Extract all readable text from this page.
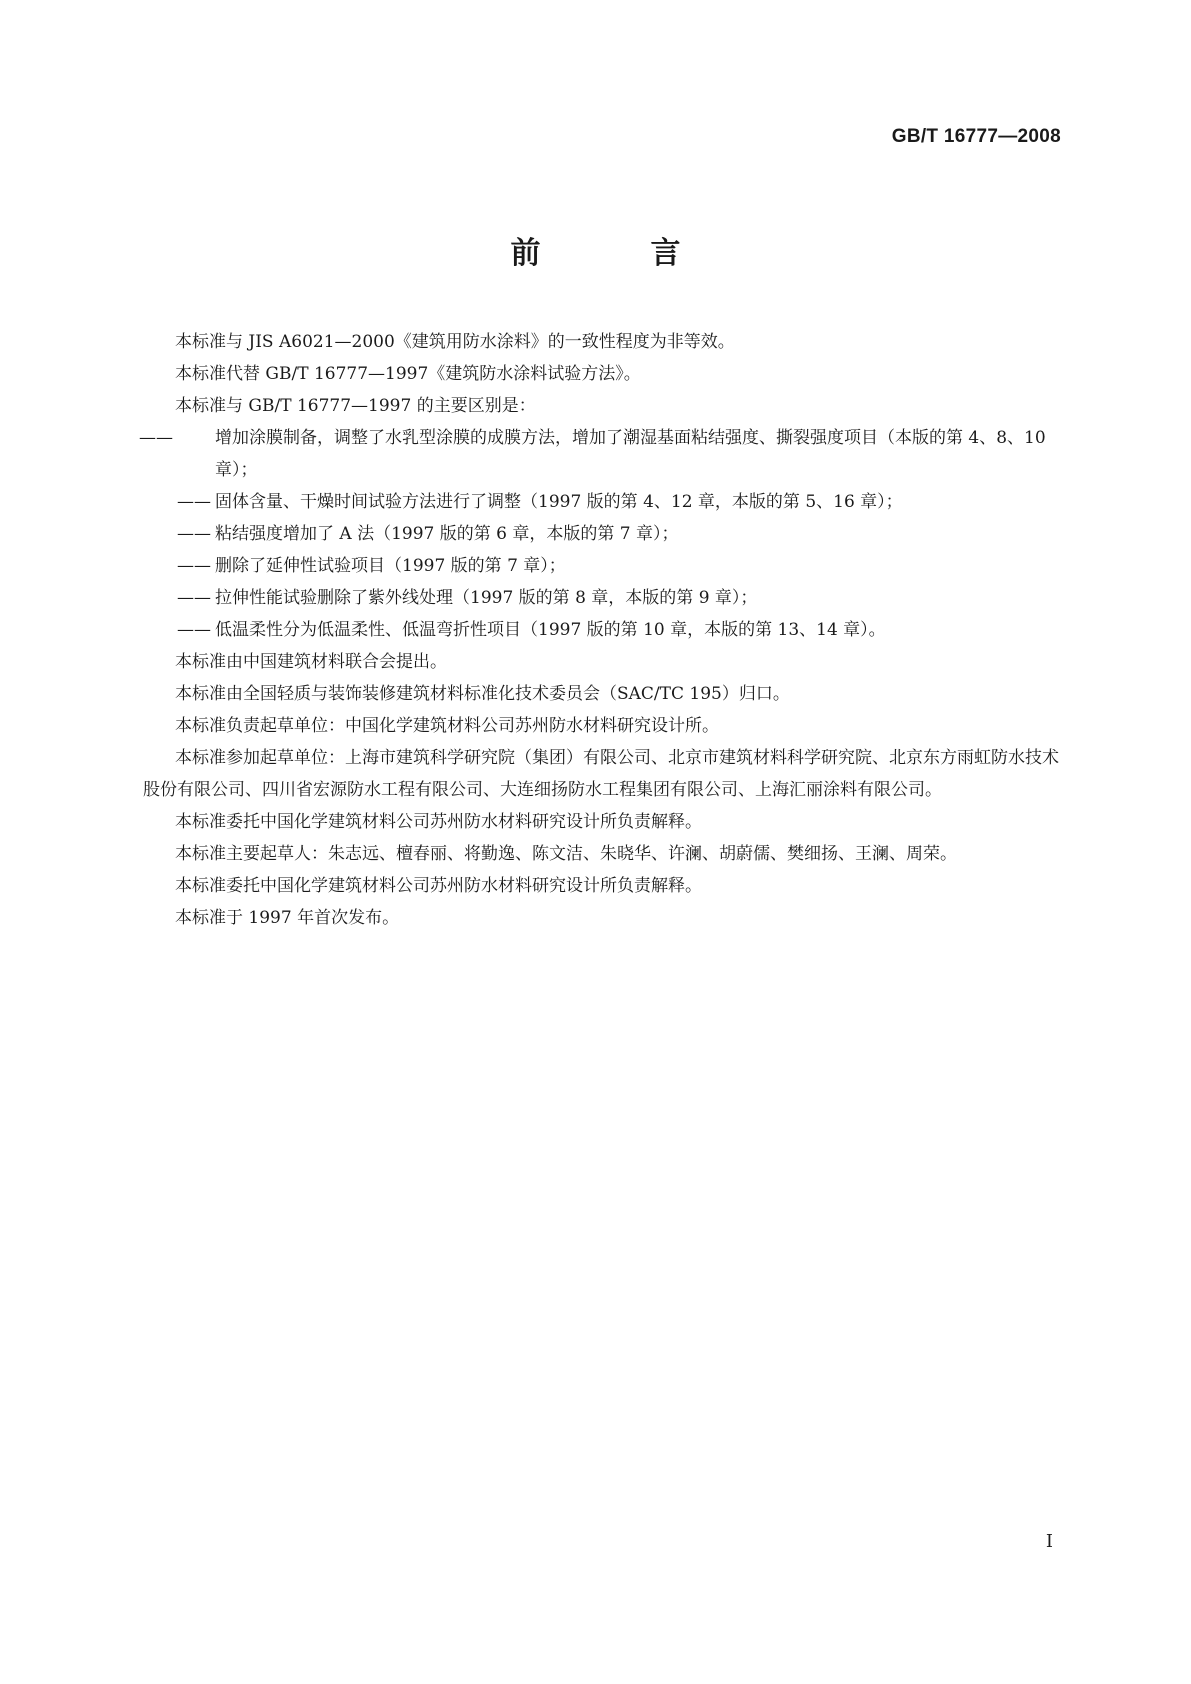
GB/T 16777—2008
前　言

本标准与 JIS A6021—2000《建筑用防水涂料》的一致性程度为非等效。

本标准代替 GB/T 16777—1997《建筑防水涂料试验方法》。

本标准与 GB/T 16777—1997 的主要区别是：

—— 增加涂膜制备，调整了水乳型涂膜的成膜方法，增加了潮湿基面粘结强度、撕裂强度项目（本版的第 4、8、10 章）；

—— 固体含量、干燥时间试验方法进行了调整（1997 版的第 4、12 章，本版的第 5、16 章）；

—— 粘结强度增加了 A 法（1997 版的第 6 章，本版的第 7 章）；

—— 删除了延伸性试验项目（1997 版的第 7 章）；

—— 拉伸性能试验删除了紫外线处理（1997 版的第 8 章，本版的第 9 章）；

—— 低温柔性分为低温柔性、低温弯折性项目（1997 版的第 10 章，本版的第 13、14 章）。

本标准由中国建筑材料联合会提出。

本标准由全国轻质与装饰装修建筑材料标准化技术委员会（SAC/TC 195）归口。

本标准负责起草单位：中国化学建筑材料公司苏州防水材料研究设计所。

本标准参加起草单位：上海市建筑科学研究院（集团）有限公司、北京市建筑材料科学研究院、北京东方雨虹防水技术股份有限公司、四川省宏源防水工程有限公司、大连细扬防水工程集团有限公司、上海汇丽涂料有限公司。

本标准委托中国化学建筑材料公司苏州防水材料研究设计所负责解释。

本标准主要起草人：朱志远、檀春丽、将勤逸、陈文洁、朱晓华、许澜、胡蔚儒、樊细扬、王澜、周荣。

本标准委托中国化学建筑材料公司苏州防水材料研究设计所负责解释。

本标准于 1997 年首次发布。

I
